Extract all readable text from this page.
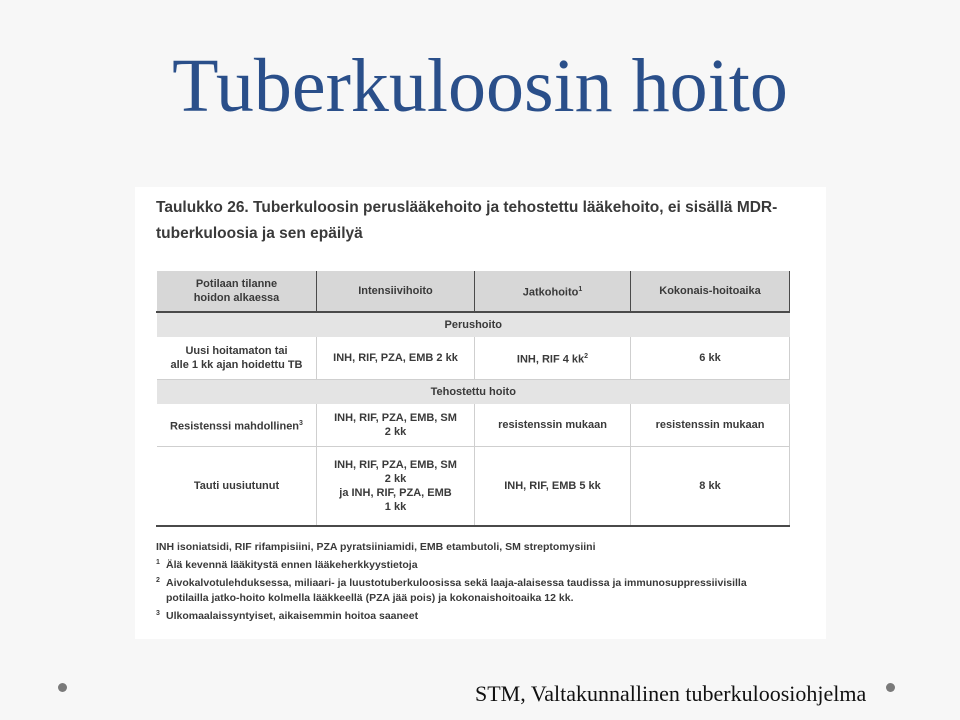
Tuberkuloosin hoito
Taulukko 26. Tuberkuloosin peruslääkehoito ja tehostettu lääkehoito, ei sisällä MDR-tuberkuloosia ja sen epäilyä
Potilaan tilanne
hoidon alkaessa	Intensiivihoito	Jatkohoito$^1$	Kokonais-hoitoaika
Perushoito			
Uusi hoitamaton tai
alle 1 kk ajan hoidettu TB	INH, RIF, PZA, EMB 2 kk	INH, RIF 4 $kk^2$	6 kk
Tehostettu hoito			
Resistenssi mahdollinen$^3$	INH, RIF, PZA, EMB, SM
2 kk	resistenssin mukaan	resistenssin mukaan
Tauti uusiutunut	INH, RIF, PZA, EMB, SM
2 kk
ja INH, RIF, PZA, EMB
1 kk	INH, RIF, EMB 5 kk	8 kk
INH isoniatsidi, RIF rifampisiini, PZA pyratsiiniamidi, EMB etambutoli, SM streptomysiini
$^1$ Älä kevennä lääkitystä ennen lääkeherkkyystietoja
$^2$ Aivokalvotulehduksessa, miliaari- ja luustotuberkuloosissa sekä laaja-alaisessa taudissa ja immunosuppressiivisilla
potilailla jatko-hoito kolmella lääkkeellä (PZA jää pois) ja kokonaishoitoaika 12 kk.
$^3$ Ulkomaalaissyntyiset, aikaisemmin hoitoa saaneet
STM, Valtakunnallinen tuberkuloosiohjelma
